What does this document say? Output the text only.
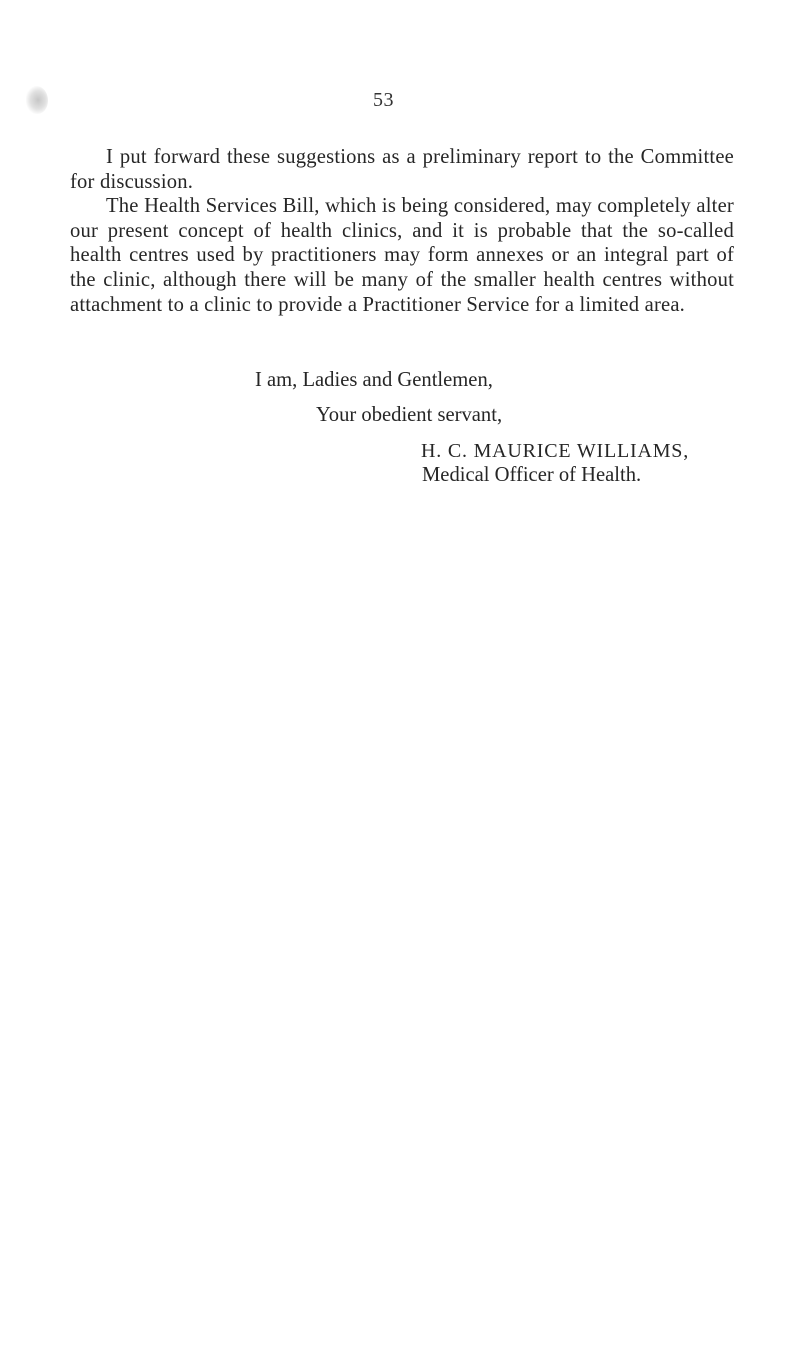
53

I put forward these suggestions as a preliminary report to the Committee for discussion.

The Health Services Bill, which is being considered, may completely alter our present concept of health clinics, and it is probable that the so-called health centres used by practitioners may form annexes or an integral part of the clinic, although there will be many of the smaller health centres without attachment to a clinic to provide a Practitioner Service for a limited area.

I am, Ladies and Gentlemen,
Your obedient servant,
H. C. MAURICE WILLIAMS,
Medical Officer of Health.
